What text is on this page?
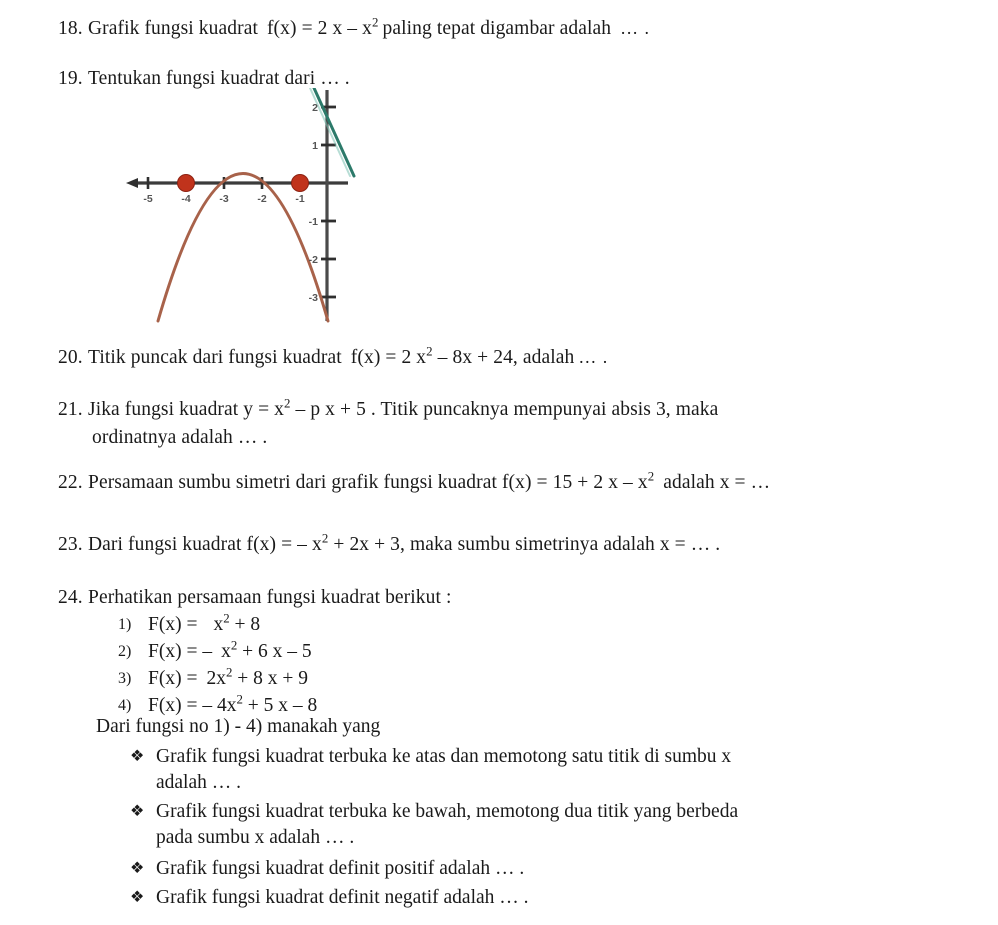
18. Grafik fungsi kuadrat f(x) = 2 x – $x^2$ paling tepat digambar adalah … .
19. Tentukan fungsi kuadrat dari … .
-5	-4	-3	-2	-1
2
1
-1
-2
-3
20. Titik puncak dari fungsi kuadrat f(x) = 2 $x^2 - 8x + 24$, adalah … .
21. Jika fungsi kuadrat $y = x^2 - p$ x + 5 . Titik puncaknya mempunyai absis 3, maka
ordinatnya adalah … .
22. Persamaan sumbu simetri dari grafik fungsi kuadrat f(x) = 15 + 2 x – $x^2$ adalah x = …
23. Dari fungsi kuadrat f(x) = – $x^2 + 2x + 3$, maka sumbu simetrinya adalah x = … .
24. Perhatikan persamaan fungsi kuadrat berikut :
1) $F(x) = x^2 + 8$
2) F(x) = – $x^2 + 6$ x – 5
3) $F(x) = 2x^2 + 8$ x + 9
4) F(x) = – $4x^2 + 5$ x – 8
Dari fungsi no 1) - 4) manakah yang
❖ Grafik fungsi kuadrat terbuka ke atas dan memotong satu titik di sumbu x
adalah … .
❖ Grafik fungsi kuadrat terbuka ke bawah, memotong dua titik yang berbeda
pada sumbu x adalah … .
❖ Grafik fungsi kuadrat definit positif adalah … .
❖ Grafik fungsi kuadrat definit negatif adalah … .
